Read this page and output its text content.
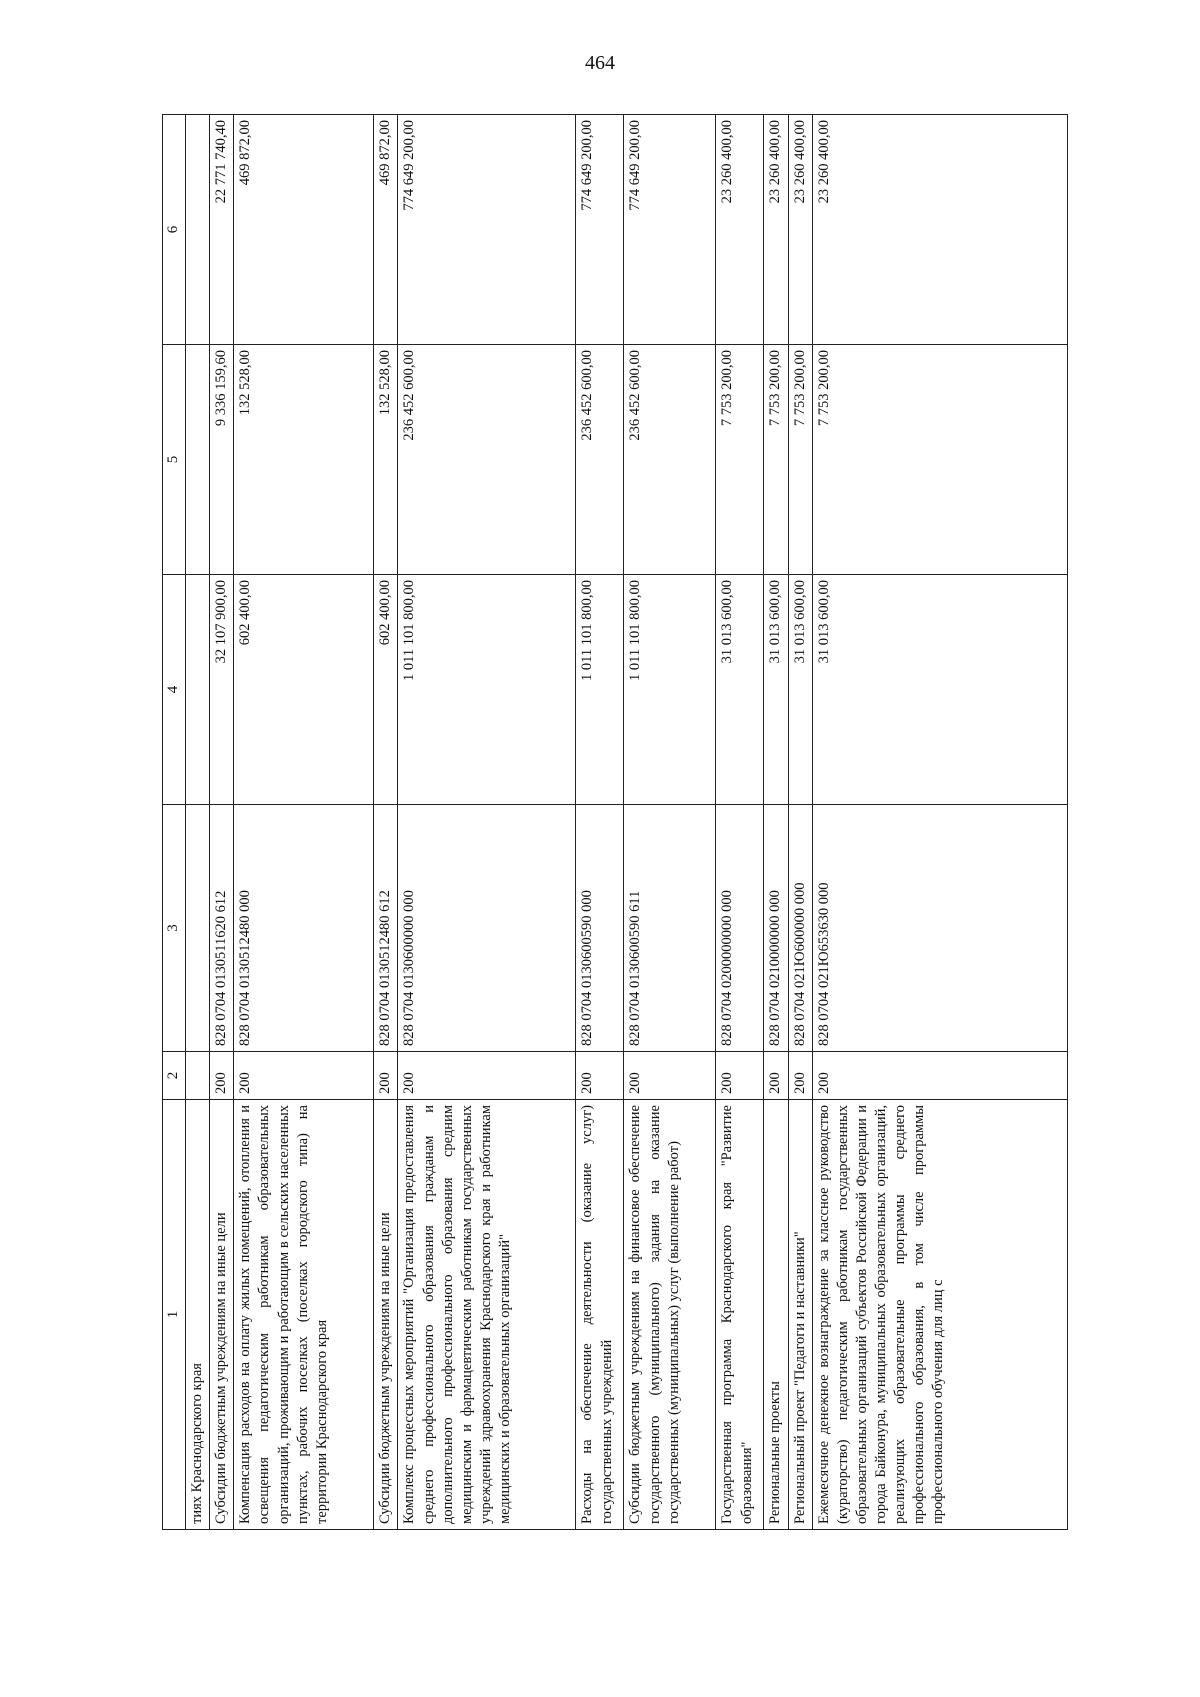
464
1	2	3	4	5	6
тиях Краснодарского края					
Субсидии бюджетным учреждениям на иные цели	200	828 0704 0130511620 612	32 107 900,00	9 336 159,60	22 771 740,40
Компенсация расходов на оплату жилых помещений, отопления и освещения педагогическим работникам образовательных организаций, проживающим и работающим в сельских населенных пунктах, рабочих поселках (поселках городского типа) на территории Краснодарского края	200	828 0704 0130512480 000	602 400,00	132 528,00	469 872,00
Субсидии бюджетным учреждениям на иные цели	200	828 0704 0130512480 612	602 400,00	132 528,00	469 872,00
Комплекс процессных мероприятий "Организация предоставления среднего профессионального образования гражданам и дополнительного профессионального образования средним медицинским и фармацевтическим работникам государственных учреждений здравоохранения Краснодарского края и работникам медицинских и образовательных организаций"	200	828 0704 0130600000 000	1 011 101 800,00	236 452 600,00	774 649 200,00
Расходы на обеспечение деятельности (оказание услуг) государственных учреждений	200	828 0704 0130600590 000	1 011 101 800,00	236 452 600,00	774 649 200,00
Субсидии бюджетным учреждениям на финансовое обеспечение государственного (муниципального) задания на оказание государственных (муниципальных) услуг (выполнение работ)	200	828 0704 0130600590 611	1 011 101 800,00	236 452 600,00	774 649 200,00
Государственная программа Краснодарского края "Развитие образования"	200	828 0704 0200000000 000	31 013 600,00	7 753 200,00	23 260 400,00
Региональные проекты	200	828 0704 0210000000 000	31 013 600,00	7 753 200,00	23 260 400,00
Региональный проект "Педагоги и наставники"	200	828 0704 021Ю600000 000	31 013 600,00	7 753 200,00	23 260 400,00
Ежемесячное денежное вознаграждение за классное руководство (кураторство) педагогическим работникам государственных образовательных организаций субъектов Российской Федерации и города Байконура, муниципальных образовательных организаций, реализующих образовательные программы среднего профессионального образования, в том числе программы профессионального обучения для лиц с	200	828 0704 021Ю653630 000	31 013 600,00	7 753 200,00	23 260 400,00
